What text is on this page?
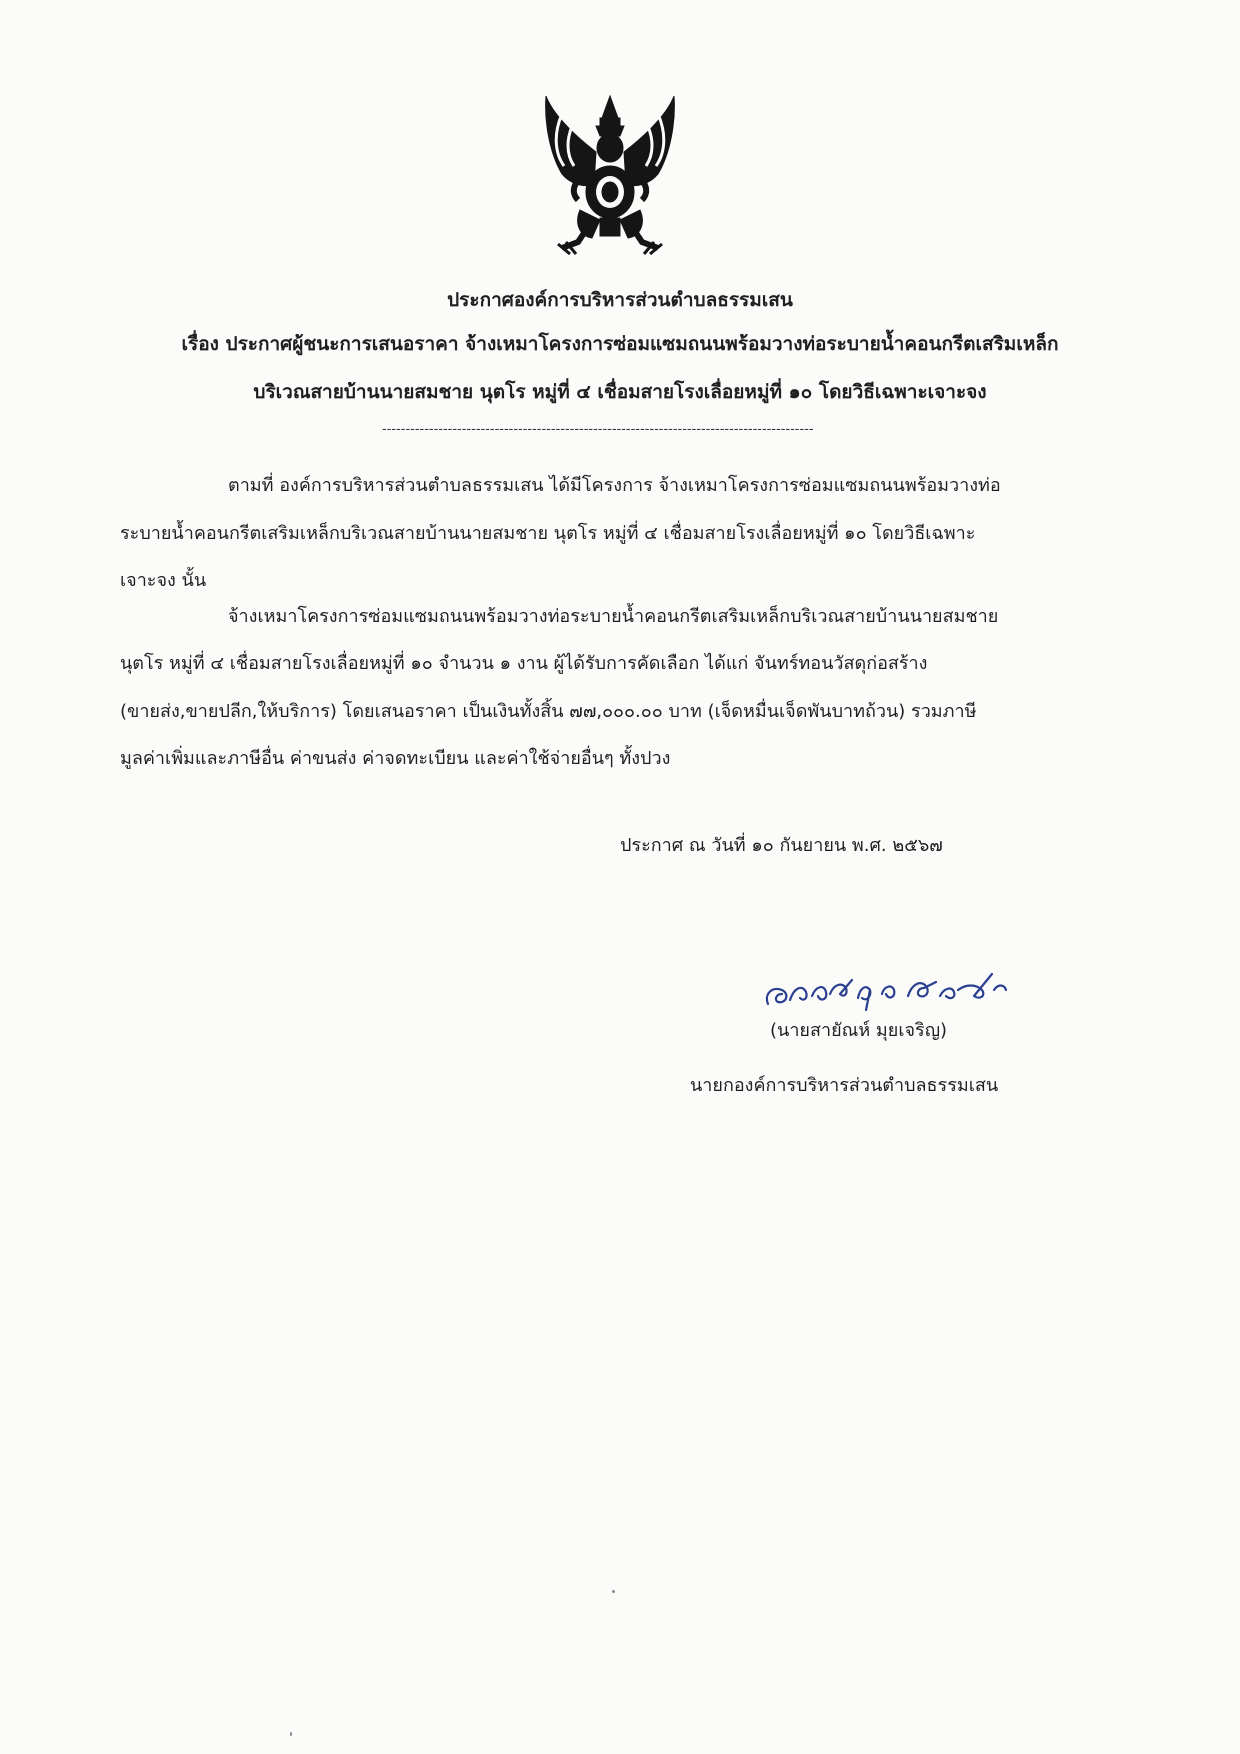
ประกาศองค์การบริหารส่วนตำบลธรรมเสน
เรื่อง ประกาศผู้ชนะการเสนอราคา จ้างเหมาโครงการซ่อมแซมถนนพร้อมวางท่อระบายน้ำคอนกรีตเสริมเหล็ก
บริเวณสายบ้านนายสมชาย นุตโร หมู่ที่ ๔ เชื่อมสายโรงเลื่อยหมู่ที่ ๑๐ โดยวิธีเฉพาะเจาะจง
--------------------------------------------------------------------------------------------
ตามที่ องค์การบริหารส่วนตำบลธรรมเสน ได้มีโครงการ จ้างเหมาโครงการซ่อมแซมถนนพร้อมวางท่อ
ระบายน้ำคอนกรีตเสริมเหล็กบริเวณสายบ้านนายสมชาย นุตโร หมู่ที่ ๔ เชื่อมสายโรงเลื่อยหมู่ที่ ๑๐ โดยวิธีเฉพาะ
เจาะจง นั้น
จ้างเหมาโครงการซ่อมแซมถนนพร้อมวางท่อระบายน้ำคอนกรีตเสริมเหล็กบริเวณสายบ้านนายสมชาย
นุตโร หมู่ที่ ๔ เชื่อมสายโรงเลื่อยหมู่ที่ ๑๐ จำนวน ๑ งาน ผู้ได้รับการคัดเลือก ได้แก่ จันทร์ทอนวัสดุก่อสร้าง
(ขายส่ง,ขายปลีก,ให้บริการ) โดยเสนอราคา เป็นเงินทั้งสิ้น ๗๗,๐๐๐.๐๐ บาท (เจ็ดหมื่นเจ็ดพันบาทถ้วน) รวมภาษี
มูลค่าเพิ่มและภาษีอื่น ค่าขนส่ง ค่าจดทะเบียน และค่าใช้จ่ายอื่นๆ ทั้งปวง
ประกาศ ณ วันที่ ๑๐ กันยายน พ.ศ. ๒๕๖๗
(นายสายัณห์ มุยเจริญ)
นายกองค์การบริหารส่วนตำบลธรรมเสน
